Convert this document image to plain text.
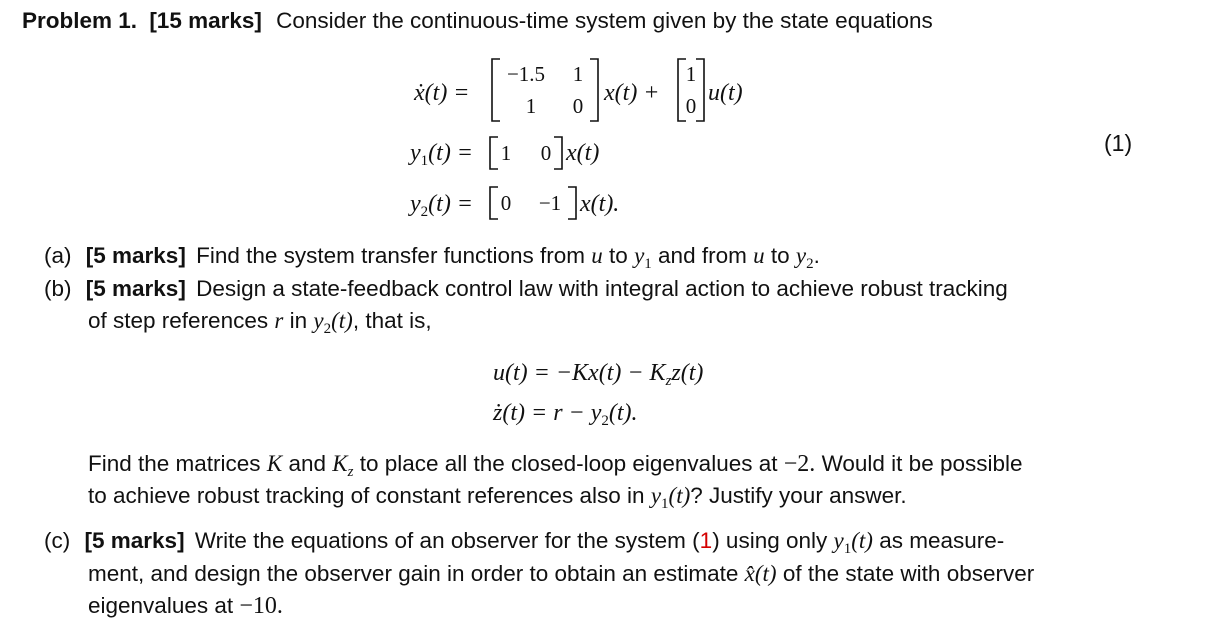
Problem 1. [15 marks] Consider the continuous-time system given by the state equations
ẋ(t) =
−1.5	1
1	0 x(t) +
1
0 u(t)
$y_1(t) = 1$ 0 x(t)	(1)
$y_2(t) = 0$	−1 x(t).
(a) [5 marks] Find the system transfer functions from u to $y_1$ and from u to $y_2$.
(b) [5 marks] Design a state-feedback control law with integral action to achieve robust tracking
of step references r in $y_2(t)$, that is,
$u(t) = -Kx(t) - K_zz(t)$
ż(t) = $r - y_2(t)$.
Find the matrices K and $K_z$ to place all the closed-loop eigenvalues at −2. Would it be possible
to achieve robust tracking of constant references also in $y_1(t)$? Justify your answer.
(c) [5 marks] Write the equations of an observer for the system (1) using only $y_1(t)$ as measure-
ment, and design the observer gain in order to obtain an estimate x̂(t) of the state with observer
eigenvalues at −10.
